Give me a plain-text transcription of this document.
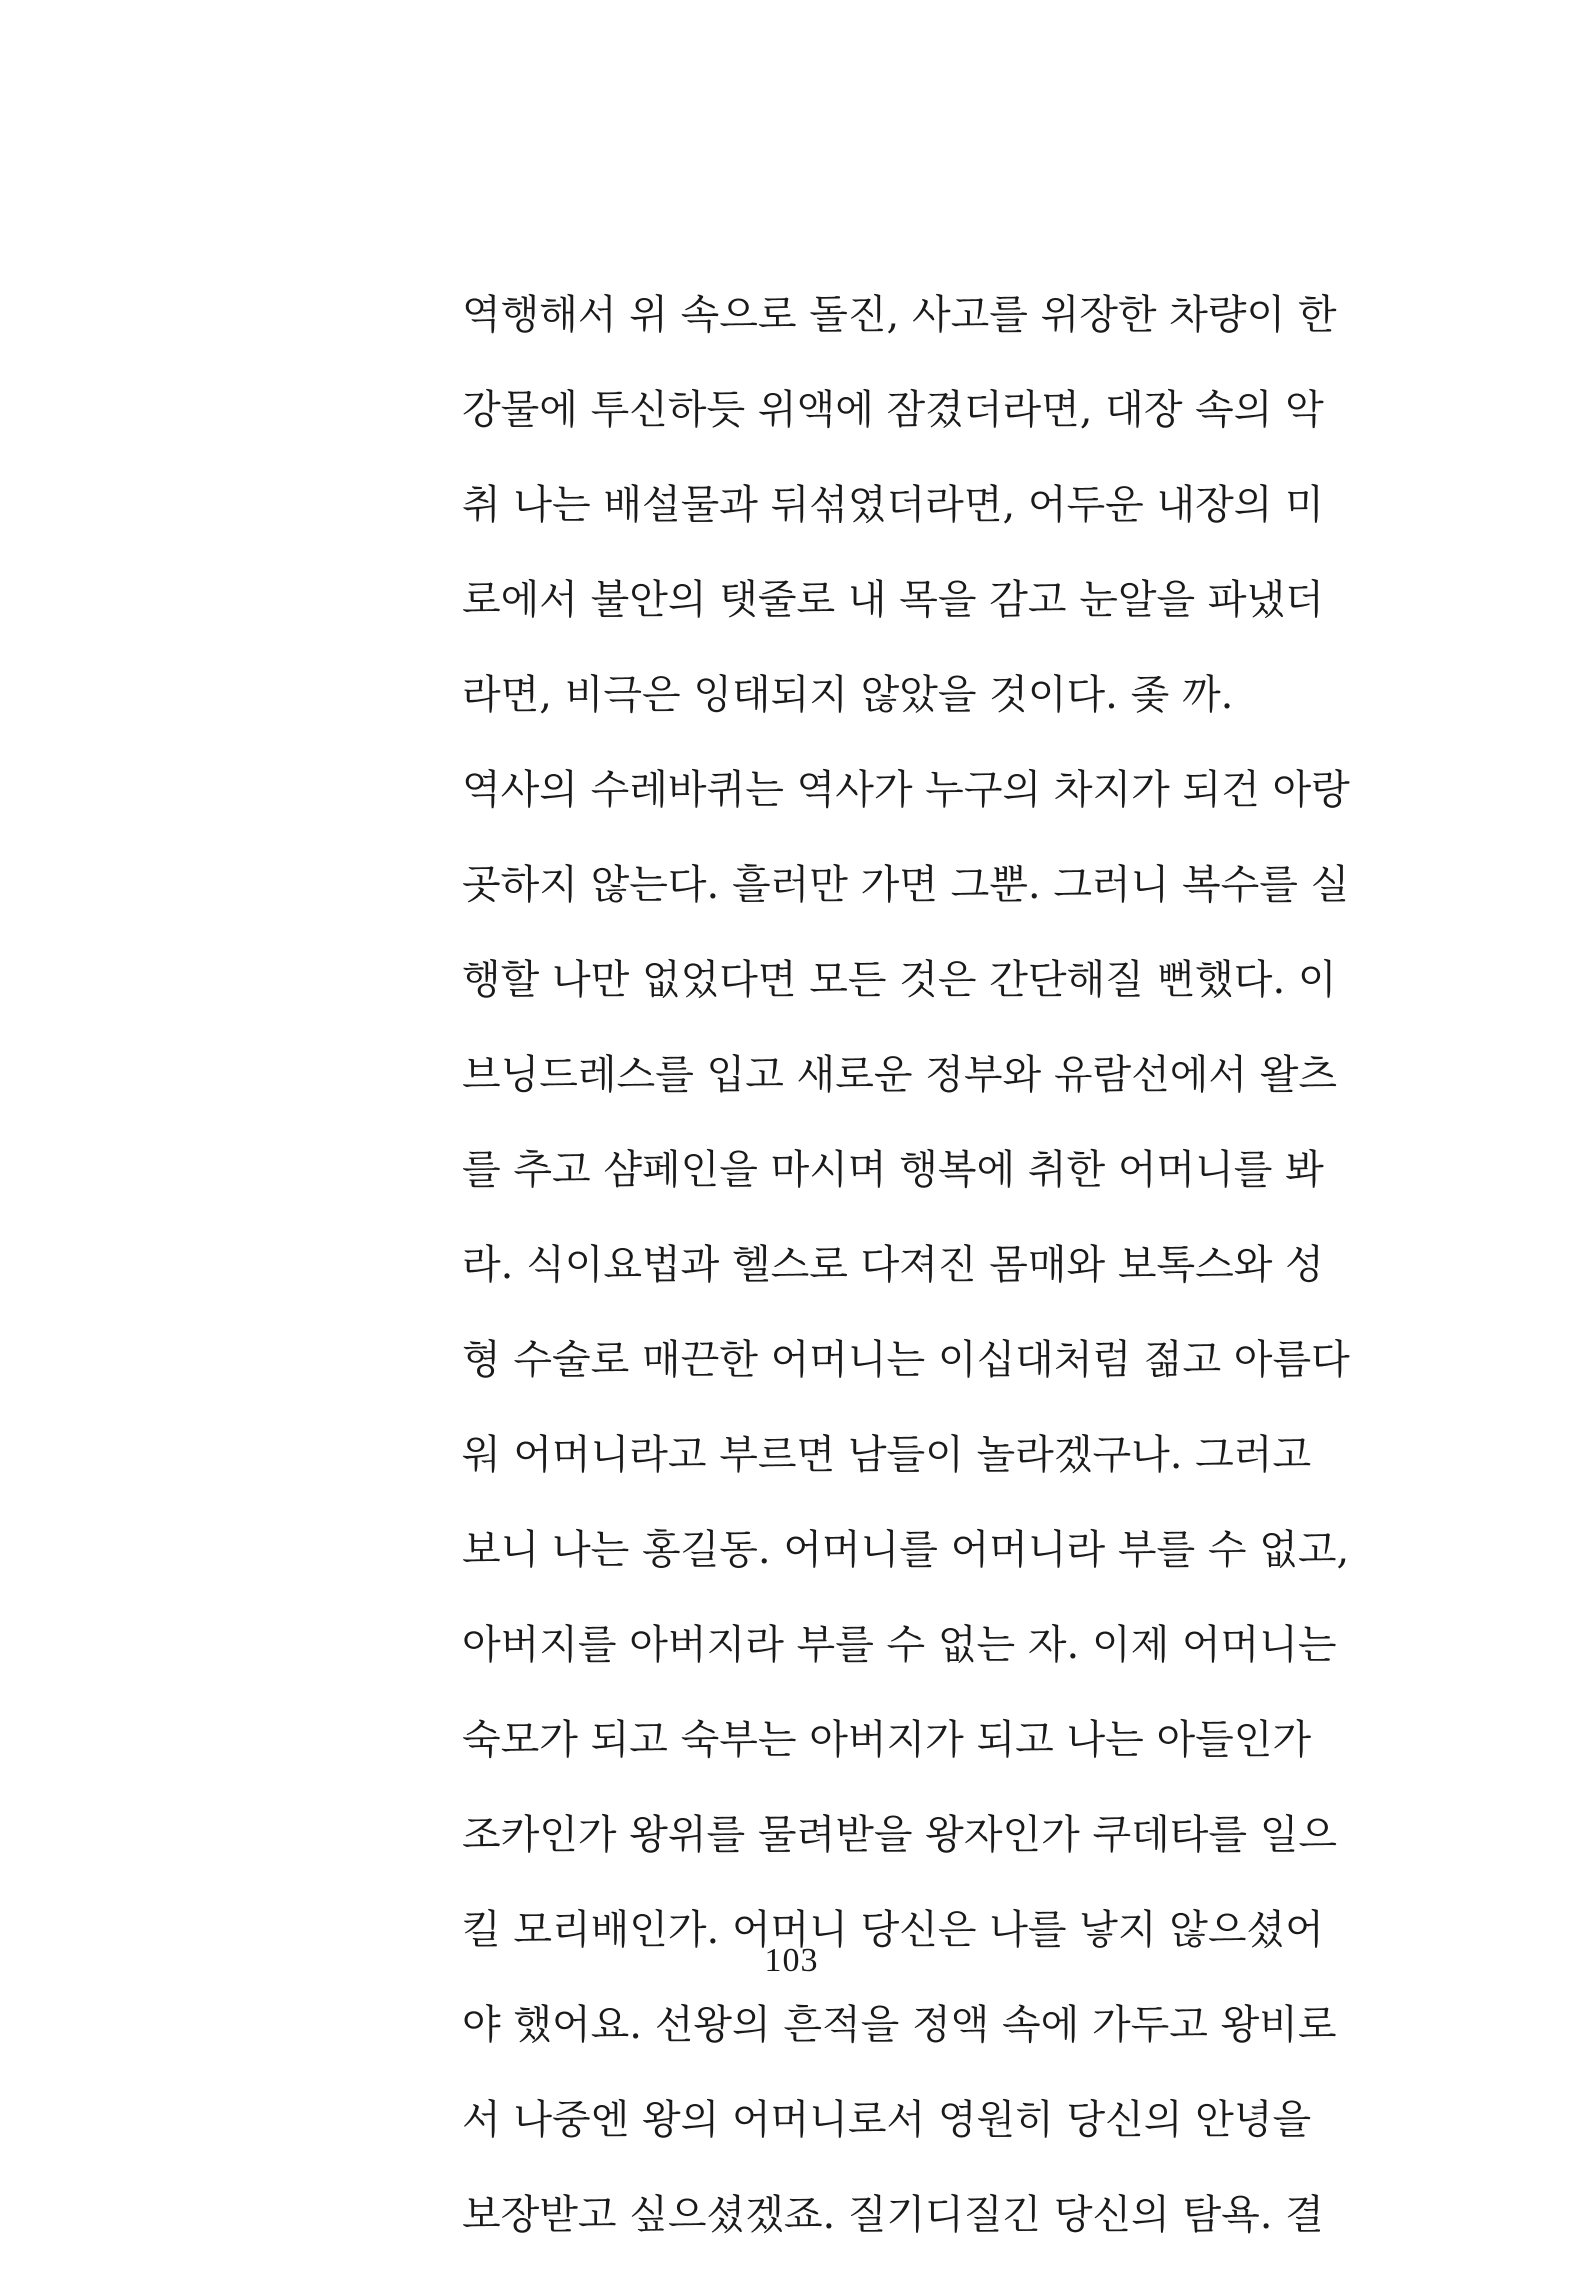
역행해서 위 속으로 돌진, 사고를 위장한 차량이 한
강물에 투신하듯 위액에 잠겼더라면, 대장 속의 악
취 나는 배설물과 뒤섞였더라면, 어두운 내장의 미
로에서 불안의 탯줄로 내 목을 감고 눈알을 파냈더
라면, 비극은 잉태되지 않았을 것이다. 좆 까.
역사의 수레바퀴는 역사가 누구의 차지가 되건 아랑
곳하지 않는다. 흘러만 가면 그뿐. 그러니 복수를 실
행할 나만 없었다면 모든 것은 간단해질 뻔했다. 이
브닝드레스를 입고 새로운 정부와 유람선에서 왈츠
를 추고 샴페인을 마시며 행복에 취한 어머니를 봐
라. 식이요법과 헬스로 다져진 몸매와 보톡스와 성
형 수술로 매끈한 어머니는 이십대처럼 젊고 아름다
워 어머니라고 부르면 남들이 놀라겠구나. 그러고
보니 나는 홍길동. 어머니를 어머니라 부를 수 없고,
아버지를 아버지라 부를 수 없는 자. 이제 어머니는
숙모가 되고 숙부는 아버지가 되고 나는 아들인가
조카인가 왕위를 물려받을 왕자인가 쿠데타를 일으
킬 모리배인가. 어머니 당신은 나를 낳지 않으셨어
야 했어요. 선왕의 흔적을 정액 속에 가두고 왕비로
서 나중엔 왕의 어머니로서 영원히 당신의 안녕을
보장받고 싶으셨겠죠. 질기디질긴 당신의 탐욕. 결
103
